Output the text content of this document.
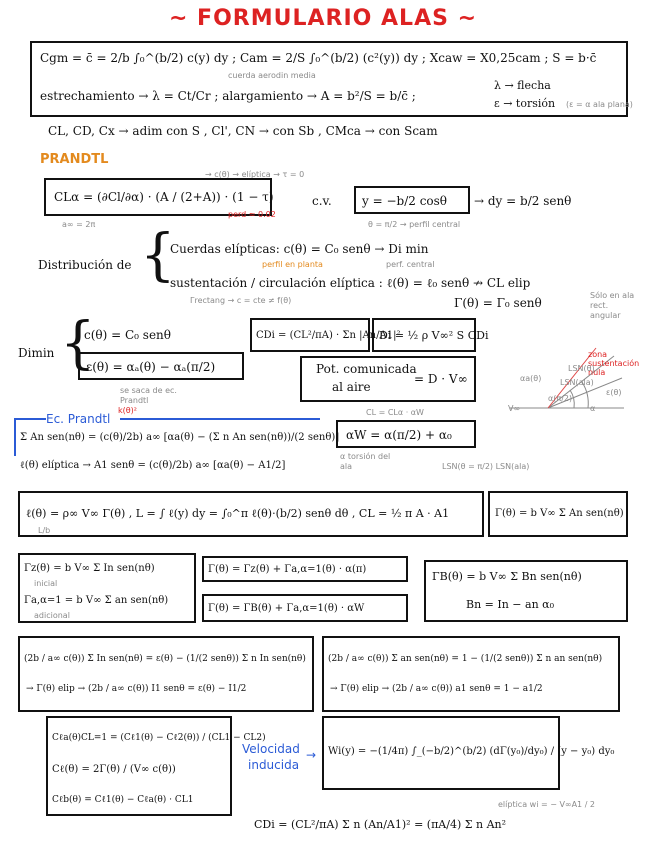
~ FORMULARIO ALAS ~
Cgm = c̄ = 2/b ∫₀^(b/2) c(y) dy ; Cam = 2/S ∫₀^(b/2) (c²(y)) dy ; Xcaw = X0,25cam ; S = b·c̄
cuerda aerodin media
estrechamiento → λ = Ct/Cr ; alargamiento → A = b²/S = b/c̄ ;
λ → flecha
ε → torsión (ε = α ala plana)
CL, CD, Cx → adim con S , Cl', CN → con Sb , CMca → con Scam
PRANDTL
→ c(θ) → elíptica → τ = 0
CLα = (∂Cl/∂α) · (A / (2+A)) · (1 − τ)
a∞ = 2π
perd ≈ 0.02
c.v.	y = −b/2 cosθ → dy = b/2 senθ
θ = π/2 → perfil central
Distribución de {
Cuerdas elípticas: c(θ) = C₀ senθ → Di min
perfil en planta	perf. central
sustentación / circulación elíptica : ℓ(θ) = ℓ₀ senθ ↛ CL elip
Γ(θ) = Γ₀ senθ
Γrectang → c = cte ≠ f(θ)
Sólo en ala rect. angular
Dimin {
c(θ) = C₀ senθ
ε(θ) = αₐ(θ) − αₐ(π/2)
se saca de ec. Prandtl
CDi = (CL²/πA) · Σn |An/A1|²
Di = ½ ρ V∞² S CDi
Pot. comunicada
al aire
= D · V∞
zona sustentación nula
LSN(θ)
LSN(ala)
ε(θ)
αa(θ)
α
V∞
α(π/2)
k(θ)²
Ec. Prandtl
Σ An sen(nθ) = (c(θ)/2b) a∞ [αa(θ) − (Σ n An sen(nθ))/(2 senθ)]
ℓ(θ) elíptica → A1 senθ = (c(θ)/2b) a∞ [αa(θ) − A1/2]
CL = CLα · αW
αW = α(π/2) + α₀
α torsión del ala	LSN(θ = π/2) LSN(ala)
ℓ(θ) = ρ∞ V∞ Γ(θ) , L = ∫ ℓ(y) dy = ∫₀^π ℓ(θ)·(b/2) senθ dθ , CL = ½ π A · A1
L/b
Γ(θ) = b V∞ Σ An sen(nθ)
Γz(θ) = b V∞ Σ In sen(nθ)
inicial
Γa,α=1 = b V∞ Σ an sen(nθ)
adicional
Γ(θ) = Γz(θ) + Γa,α=1(θ) · α(π)
Γ(θ) = ΓB(θ) + Γa,α=1(θ) · αW
ΓB(θ) = b V∞ Σ Bn sen(nθ)
Bn = In − an α₀
(2b / a∞ c(θ)) Σ In sen(nθ) = ε(θ) − (1/(2 senθ)) Σ n In sen(nθ)
→ Γ(θ) elip → (2b / a∞ c(θ)) I1 senθ = ε(θ) − I1/2
(2b / a∞ c(θ)) Σ an sen(nθ) = 1 − (1/(2 senθ)) Σ n an sen(nθ)
→ Γ(θ) elip → (2b / a∞ c(θ)) a1 senθ = 1 − a1/2
Cℓa(θ)CL=1 = (Cℓ1(θ) − Cℓ2(θ)) / (CL1 − CL2)
Cℓ(θ) = 2Γ(θ) / (V∞ c(θ))
Cℓb(θ) = Cℓ1(θ) − Cℓa(θ) · CL1
Velocidad
inducida
→ Wi(y) = −(1/4π) ∫_(−b/2)^(b/2) (dΓ(y₀)/dy₀) / (y − y₀) dy₀
elíptica wi = − V∞A1 / 2
CDi = (CL²/πA) Σ n (An/A1)² = (πA/4) Σ n An²
